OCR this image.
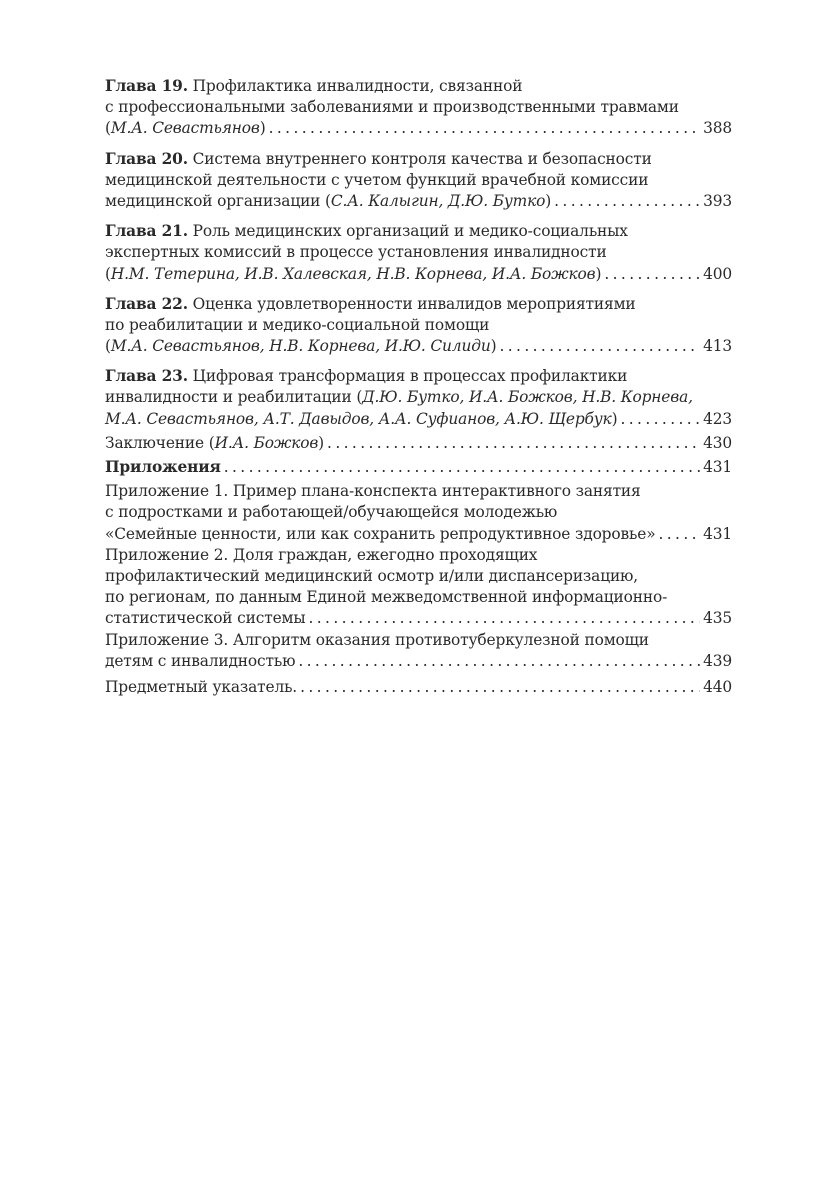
Глава 19. Профилактика инвалидности, связанной
с профессиональными заболеваниями и производственными травмами
(М.А. Севастьянов) .....	388
Глава 20. Система внутреннего контроля качества и безопасности
медицинской деятельности с учетом функций врачебной комиссии
медицинской организации (С.А. Калыгин, Д.Ю. Бутко) .....	393
Глава 21. Роль медицинских организаций и медико-социальных
экспертных комиссий в процессе установления инвалидности
(Н.М. Тетерина, И.В. Халевская, Н.В. Корнева, И.А. Божков) .....	400
Глава 22. Оценка удовлетворенности инвалидов мероприятиями
по реабилитации и медико-социальной помощи
(М.А. Севастьянов, Н.В. Корнева, И.Ю. Силиди) .....	413
Глава 23. Цифровая трансформация в процессах профилактики
инвалидности и реабилитации (Д.Ю. Бутко, И.А. Божков, Н.В. Корнева,
М.А. Севастьянов, А.Т. Давыдов, А.А. Суфианов, А.Ю. Щербук) .....	423
Заключение (И.А. Божков) .....	430
Приложения .....	431
Приложение 1. Пример плана-конспекта интерактивного занятия
с подростками и работающей/обучающейся молодежью
«Семейные ценности, или как сохранить репродуктивное здоровье» .....	431
Приложение 2. Доля граждан, ежегодно проходящих
профилактический медицинский осмотр и/или диспансеризацию,
по регионам, по данным Единой межведомственной информационно-
статистической системы .....	435
Приложение 3. Алгоритм оказания противотуберкулезной помощи
детям с инвалидностью .....	439
Предметный указатель. .....	440
